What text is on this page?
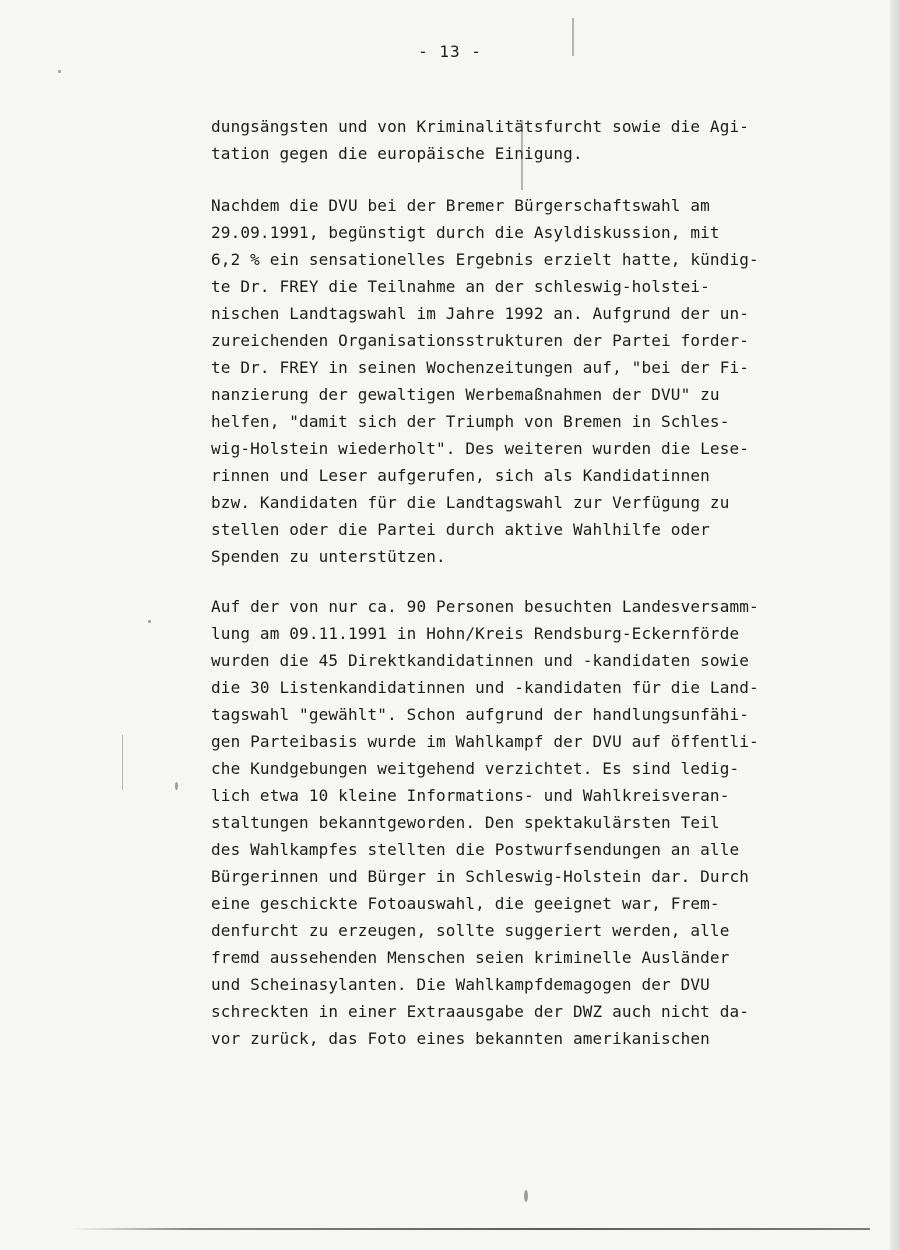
- 13 -
dungsängsten und von Kriminalitätsfurcht sowie die Agi-
tation gegen die europäische Einigung.
Nachdem die DVU bei der Bremer Bürgerschaftswahl am
29.09.1991, begünstigt durch die Asyldiskussion, mit
6,2 % ein sensationelles Ergebnis erzielt hatte, kündig-
te Dr. FREY die Teilnahme an der schleswig-holstei-
nischen Landtagswahl im Jahre 1992 an. Aufgrund der un-
zureichenden Organisationsstrukturen der Partei forder-
te Dr. FREY in seinen Wochenzeitungen auf, "bei der Fi-
nanzierung der gewaltigen Werbemaßnahmen der DVU" zu
helfen, "damit sich der Triumph von Bremen in Schles-
wig-Holstein wiederholt". Des weiteren wurden die Lese-
rinnen und Leser aufgerufen, sich als Kandidatinnen
bzw. Kandidaten für die Landtagswahl zur Verfügung zu
stellen oder die Partei durch aktive Wahlhilfe oder
Spenden zu unterstützen.
Auf der von nur ca. 90 Personen besuchten Landesversamm-
lung am 09.11.1991 in Hohn/Kreis Rendsburg-Eckernförde
wurden die 45 Direktkandidatinnen und -kandidaten sowie
die 30 Listenkandidatinnen und -kandidaten für die Land-
tagswahl "gewählt". Schon aufgrund der handlungsunfähi-
gen Parteibasis wurde im Wahlkampf der DVU auf öffentli-
che Kundgebungen weitgehend verzichtet. Es sind ledig-
lich etwa 10 kleine Informations- und Wahlkreisveran-
staltungen bekanntgeworden. Den spektakulärsten Teil
des Wahlkampfes stellten die Postwurfsendungen an alle
Bürgerinnen und Bürger in Schleswig-Holstein dar. Durch
eine geschickte Fotoauswahl, die geeignet war, Frem-
denfurcht zu erzeugen, sollte suggeriert werden, alle
fremd aussehenden Menschen seien kriminelle Ausländer
und Scheinasylanten. Die Wahlkampfdemagogen der DVU
schreckten in einer Extraausgabe der DWZ auch nicht da-
vor zurück, das Foto eines bekannten amerikanischen
